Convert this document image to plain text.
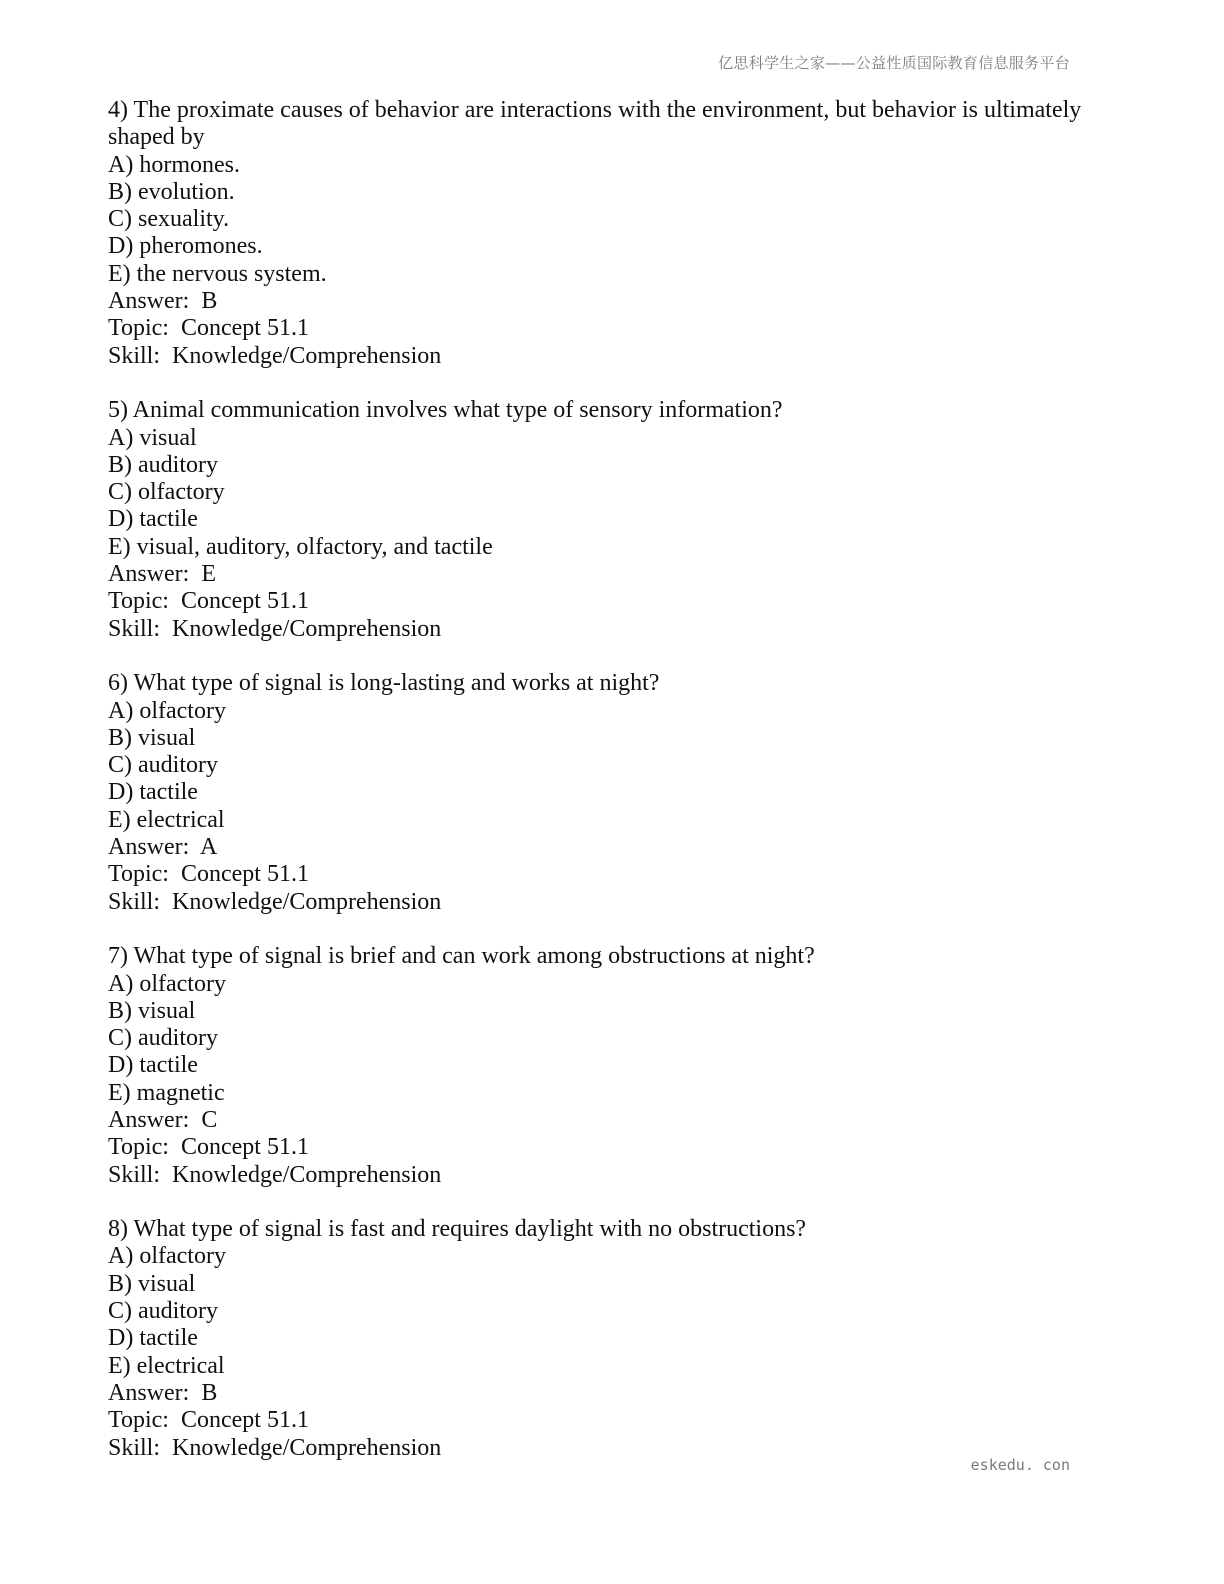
亿思科学生之家——公益性质国际教育信息服务平台
4) The proximate causes of behavior are interactions with the environment, but behavior is ultimately shaped by
A) hormones.
B) evolution.
C) sexuality.
D) pheromones.
E) the nervous system.
Answer:  B
Topic:  Concept 51.1
Skill:  Knowledge/Comprehension
5) Animal communication involves what type of sensory information?
A) visual
B) auditory
C) olfactory
D) tactile
E) visual, auditory, olfactory, and tactile
Answer:  E
Topic:  Concept 51.1
Skill:  Knowledge/Comprehension
6) What type of signal is long-lasting and works at night?
A) olfactory
B) visual
C) auditory
D) tactile
E) electrical
Answer:  A
Topic:  Concept 51.1
Skill:  Knowledge/Comprehension
7) What type of signal is brief and can work among obstructions at night?
A) olfactory
B) visual
C) auditory
D) tactile
E) magnetic
Answer:  C
Topic:  Concept 51.1
Skill:  Knowledge/Comprehension
8) What type of signal is fast and requires daylight with no obstructions?
A) olfactory
B) visual
C) auditory
D) tactile
E) electrical
Answer:  B
Topic:  Concept 51.1
Skill:  Knowledge/Comprehension
eskedu. con
